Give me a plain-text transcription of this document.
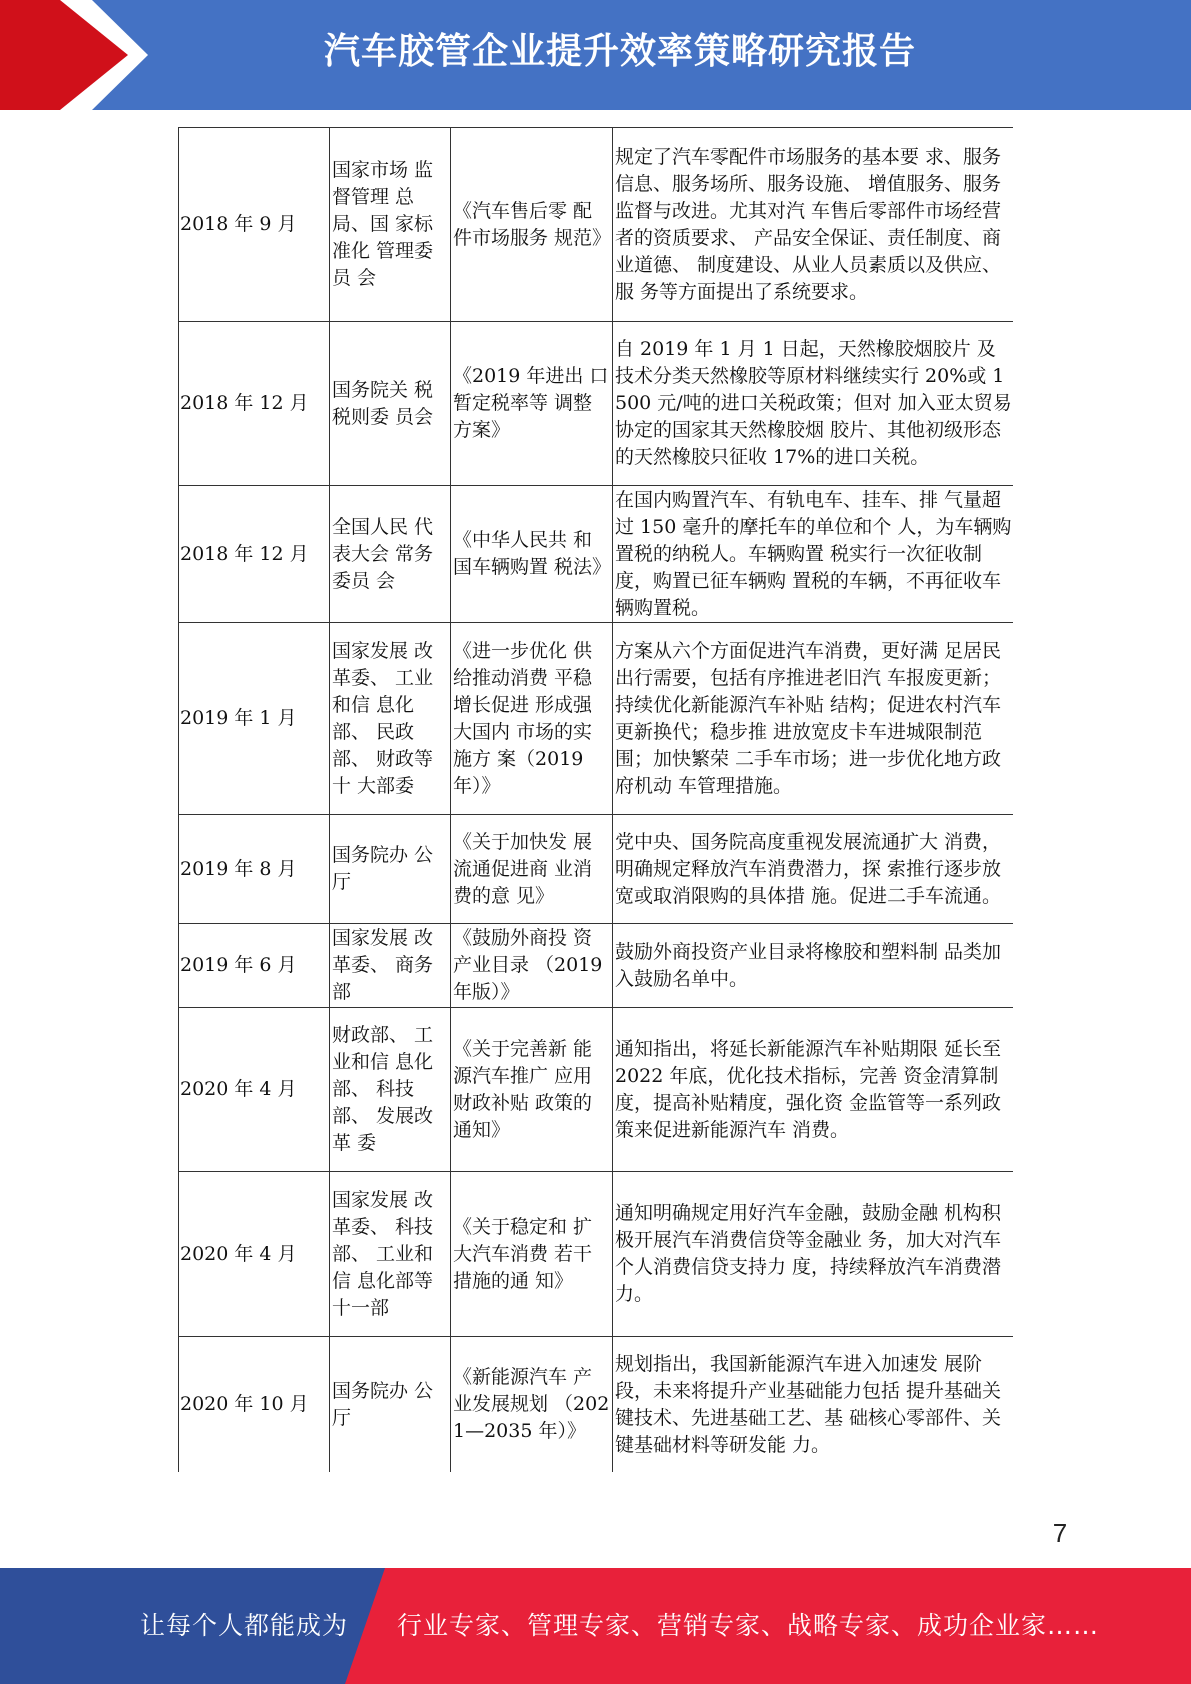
汽车胶管企业提升效率策略研究报告
2018 年 9 月	国家市场 监督管理 总局、国 家标准化 管理委员 会	《汽车售后零 配件市场服务 规范》	规定了汽车零配件市场服务的基本要 求、服务信息、服务场所、服务设施、 增值服务、服务监督与改进。尤其对汽 车售后零部件市场经营者的资质要求、 产品安全保证、责任制度、商业道德、 制度建设、从业人员素质以及供应、服 务等方面提出了系统要求。
2018 年 12 月	国务院关 税税则委 员会	《2019 年进出 口暂定税率等 调整方案》	自 2019 年 1 月 1 日起，天然橡胶烟胶片 及技术分类天然橡胶等原材料继续实行 20%或 1500 元/吨的进口关税政策；但对 加入亚太贸易协定的国家其天然橡胶烟 胶片、其他初级形态的天然橡胶只征收 17%的进口关税。
2018 年 12 月	全国人民 代表大会 常务委员 会	《中华人民共 和国车辆购置 税法》	在国内购置汽车、有轨电车、挂车、排 气量超过 150 毫升的摩托车的单位和个 人，为车辆购置税的纳税人。车辆购置 税实行一次征收制度，购置已征车辆购 置税的车辆，不再征收车辆购置税。
2019 年 1 月	国家发展 改革委、 工业和信 息化部、 民政部、 财政等十 大部委	《进一步优化 供给推动消费 平稳增长促进 形成强大国内 市场的实施方 案（2019 年）》	方案从六个方面促进汽车消费，更好满 足居民出行需要，包括有序推进老旧汽 车报废更新；持续优化新能源汽车补贴 结构；促进农村汽车更新换代；稳步推 进放宽皮卡车进城限制范围；加快繁荣 二手车市场；进一步优化地方政府机动 车管理措施。
2019 年 8 月	国务院办 公厅	《关于加快发 展流通促进商 业消费的意 见》	党中央、国务院高度重视发展流通扩大 消费，明确规定释放汽车消费潜力，探 索推行逐步放宽或取消限购的具体措 施。促进二手车流通。
2019 年 6 月	国家发展 改革委、 商务部	《鼓励外商投 资产业目录 （2019 年版）》	鼓励外商投资产业目录将橡胶和塑料制 品类加入鼓励名单中。
2020 年 4 月	财政部、 工业和信 息化部、 科技部、 发展改革 委	《关于完善新 能源汽车推广 应用财政补贴 政策的通知》	通知指出，将延长新能源汽车补贴期限 延长至 2022 年底，优化技术指标，完善 资金清算制度，提高补贴精度，强化资 金监管等一系列政策来促进新能源汽车 消费。
2020 年 4 月	国家发展 改革委、 科技部、 工业和信 息化部等 十一部	《关于稳定和 扩大汽车消费 若干措施的通 知》	通知明确规定用好汽车金融，鼓励金融 机构积极开展汽车消费信贷等金融业 务，加大对汽车个人消费信贷支持力 度，持续释放汽车消费潜力。
2020 年 10 月	国务院办 公厅	《新能源汽车 产业发展规划 （2021—2035 年）》	规划指出，我国新能源汽车进入加速发 展阶段，未来将提升产业基础能力包括 提升基础关键技术、先进基础工艺、基 础核心零部件、关键基础材料等研发能 力。
7
让每个人都能成为	行业专家、管理专家、营销专家、战略专家、成功企业家……
